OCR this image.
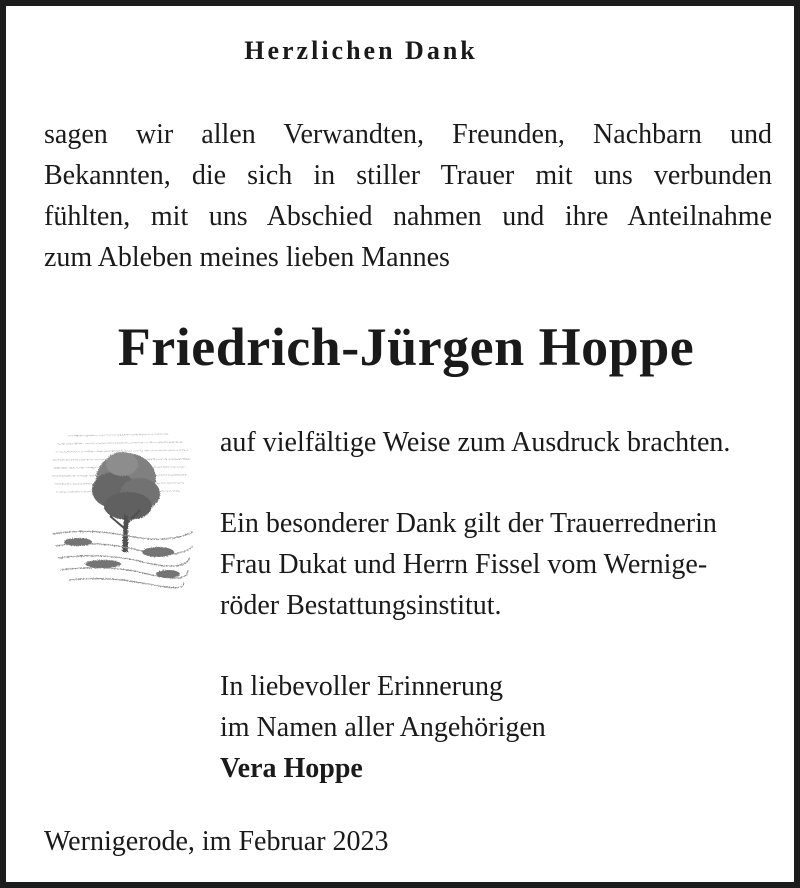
Herzlichen Dank
sagen wir allen Verwandten, Freunden, Nachbarn und
Bekannten, die sich in stiller Trauer mit uns verbunden
fühlten, mit uns Abschied nahmen und ihre Anteilnahme
zum Ableben meines lieben Mannes
Friedrich-Jürgen Hoppe
auf vielfältige Weise zum Ausdruck brachten.
Ein besonderer Dank gilt der Trauerrednerin
Frau Dukat und Herrn Fissel vom Wernige-
röder Bestattungsinstitut.
In liebevoller Erinnerung
im Namen aller Angehörigen
Vera Hoppe
Wernigerode, im Februar 2023
